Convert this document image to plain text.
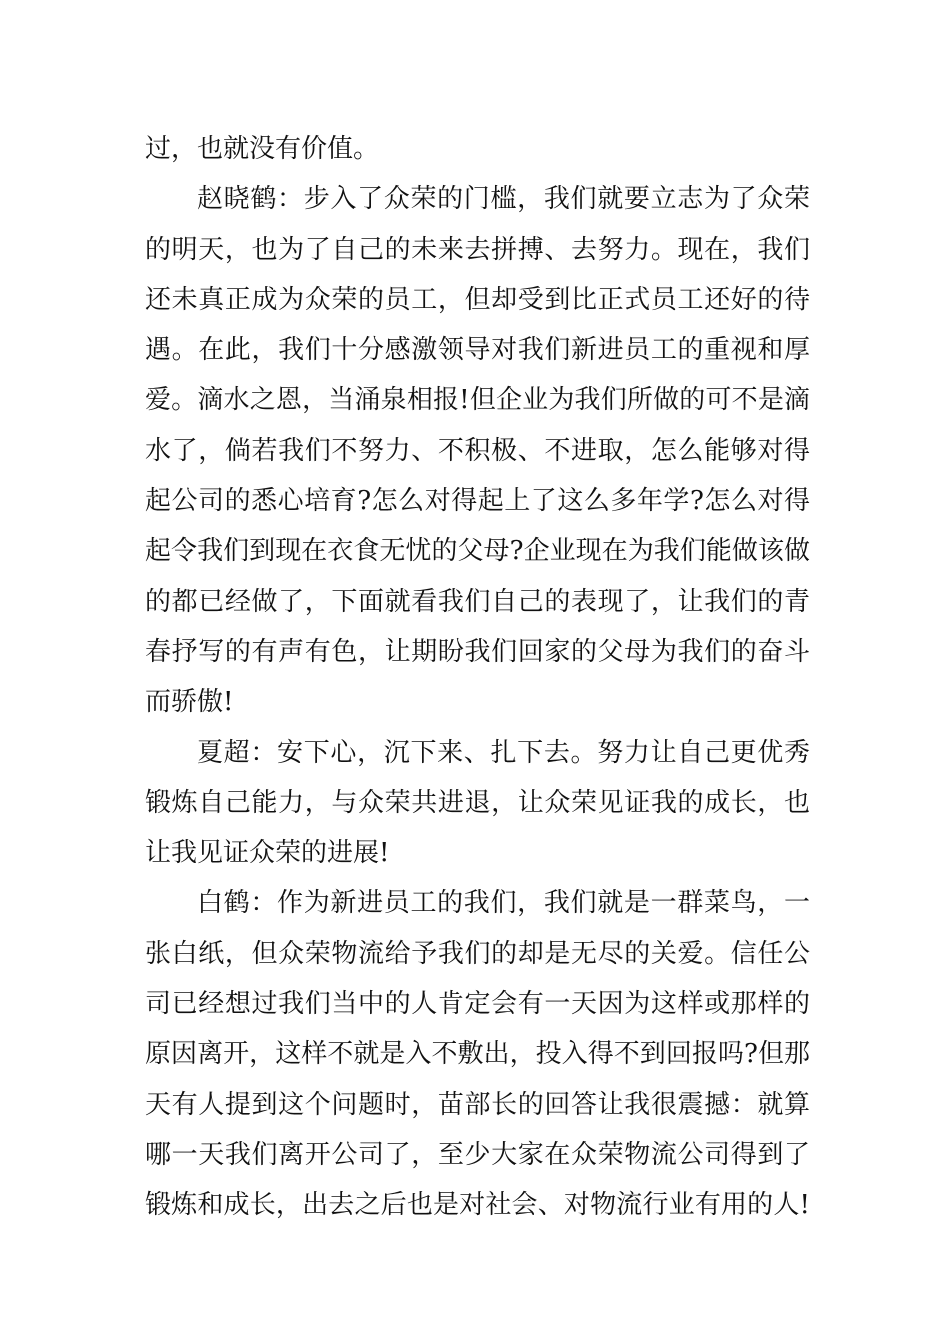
过，也就没有价值。
赵晓鹤：步入了众荣的门槛，我们就要立志为了众荣
的明天，也为了自己的未来去拼搏、去努力。现在，我们
还未真正成为众荣的员工，但却受到比正式员工还好的待
遇。在此，我们十分感激领导对我们新进员工的重视和厚
爱。滴水之恩，当涌泉相报!但企业为我们所做的可不是滴
水了，倘若我们不努力、不积极、不进取，怎么能够对得
起公司的悉心培育?怎么对得起上了这么多年学?怎么对得
起令我们到现在衣食无忧的父母?企业现在为我们能做该做
的都已经做了，下面就看我们自己的表现了，让我们的青
春抒写的有声有色，让期盼我们回家的父母为我们的奋斗
而骄傲!
夏超：安下心，沉下来、扎下去。努力让自己更优秀
锻炼自己能力，与众荣共进退，让众荣见证我的成长，也
让我见证众荣的进展!
白鹤：作为新进员工的我们，我们就是一群菜鸟，一
张白纸，但众荣物流给予我们的却是无尽的关爱。信任公
司已经想过我们当中的人肯定会有一天因为这样或那样的
原因离开，这样不就是入不敷出，投入得不到回报吗?但那
天有人提到这个问题时，苗部长的回答让我很震撼：就算
哪一天我们离开公司了，至少大家在众荣物流公司得到了
锻炼和成长，出去之后也是对社会、对物流行业有用的人!
